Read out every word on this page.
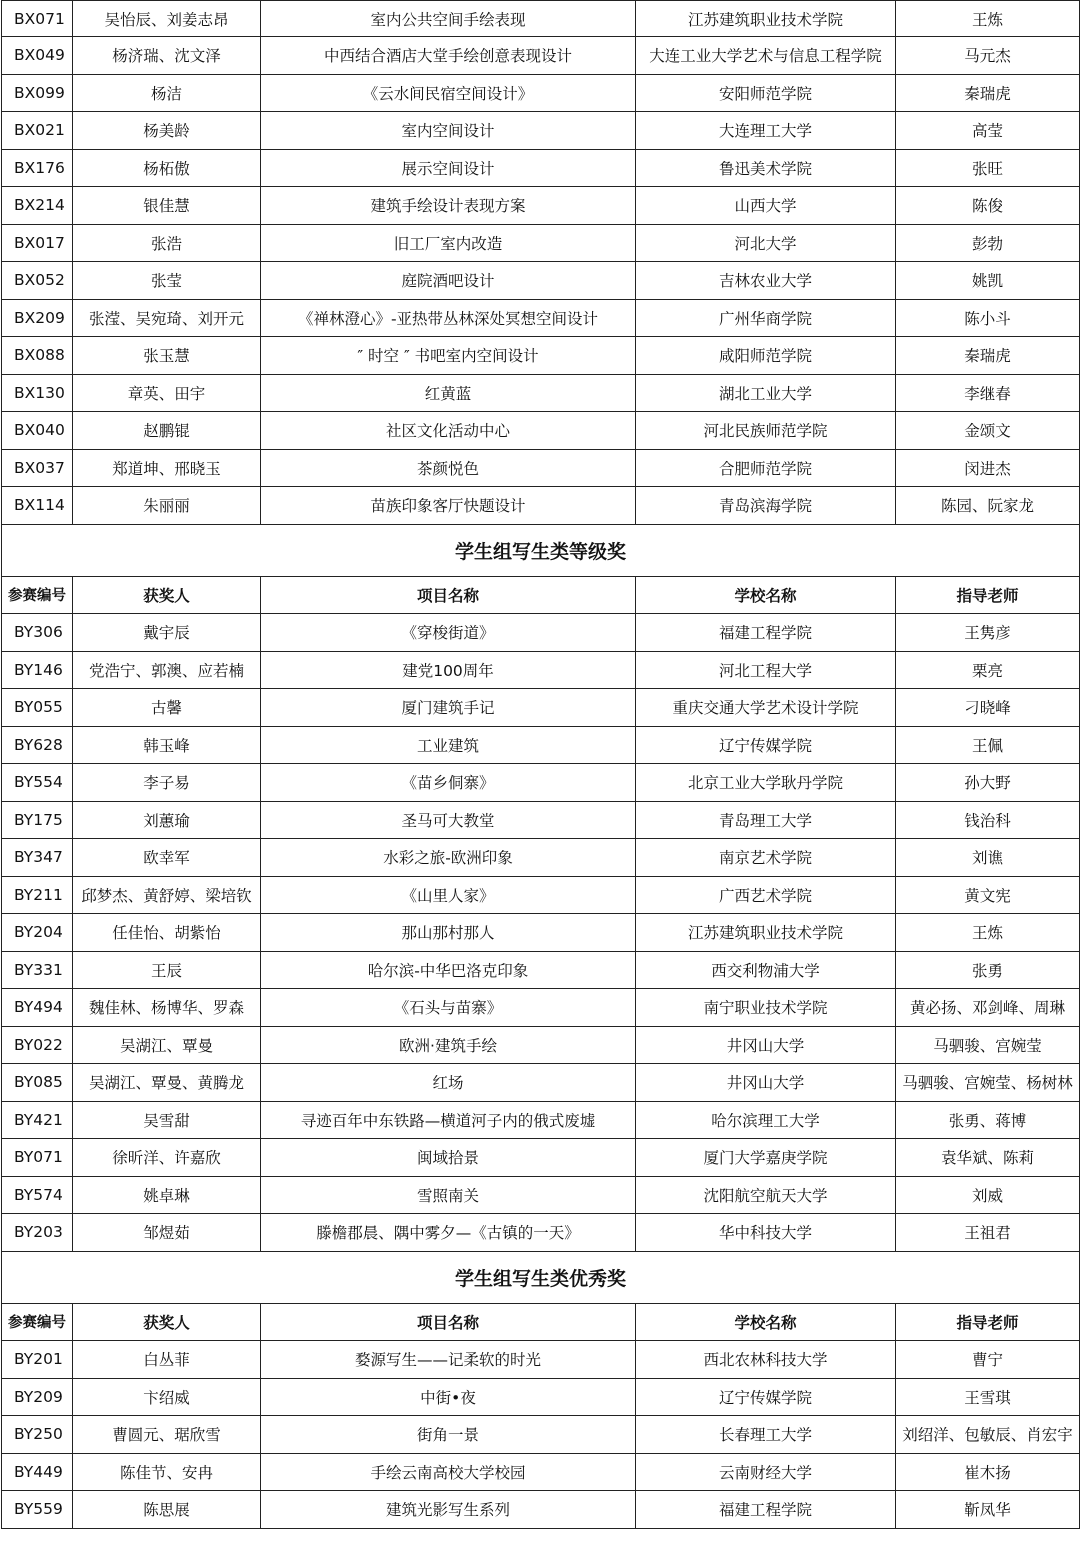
BX071	吴怡辰、刘姜志昂	室内公共空间手绘表现	江苏建筑职业技术学院	王炼
BX049	杨济瑞、沈文泽	中西结合酒店大堂手绘创意表现设计	大连工业大学艺术与信息工程学院	马元杰
BX099	杨洁	《云水间民宿空间设计》	安阳师范学院	秦瑞虎
BX021	杨美龄	室内空间设计	大连理工大学	高莹
BX176	杨柘傲	展示空间设计	鲁迅美术学院	张旺
BX214	银佳慧	建筑手绘设计表现方案	山西大学	陈俊
BX017	张浩	旧工厂室内改造	河北大学	彭勃
BX052	张莹	庭院酒吧设计	吉林农业大学	姚凯
BX209	张滢、吴宛琦、刘开元	《禅林澄心》-亚热带丛林深处冥想空间设计	广州华商学院	陈小斗
BX088	张玉慧	″ 时空 ″ 书吧室内空间设计	咸阳师范学院	秦瑞虎
BX130	章英、田宇	红黄蓝	湖北工业大学	李继春
BX040	赵鹏锟	社区文化活动中心	河北民族师范学院	金颂文
BX037	郑道坤、邢晓玉	茶颜悦色	合肥师范学院	闵进杰
BX114	朱丽丽	苗族印象客厅快题设计	青岛滨海学院	陈园、阮家龙
学生组写生类等级奖				
参赛编号	获奖人	项目名称	学校名称	指导老师
BY306	戴宇辰	《穿梭街道》	福建工程学院	王隽彦
BY146	党浩宁、郭澳、应若楠	建党100周年	河北工程大学	栗亮
BY055	古馨	厦门建筑手记	重庆交通大学艺术设计学院	刁晓峰
BY628	韩玉峰	工业建筑	辽宁传媒学院	王佩
BY554	李子易	《苗乡侗寨》	北京工业大学耿丹学院	孙大野
BY175	刘蕙瑜	圣马可大教堂	青岛理工大学	钱治科
BY347	欧幸军	水彩之旅-欧洲印象	南京艺术学院	刘谯
BY211	邱梦杰、黄舒婷、梁培钦	《山里人家》	广西艺术学院	黄文宪
BY204	任佳怡、胡紫怡	那山那村那人	江苏建筑职业技术学院	王炼
BY331	王辰	哈尔滨-中华巴洛克印象	西交利物浦大学	张勇
BY494	魏佳林、杨博华、罗森	《石头与苗寨》	南宁职业技术学院	黄必扬、邓剑峰、周琳
BY022	吴湖江、覃曼	欧洲·建筑手绘	井冈山大学	马驷骏、宫婉莹
BY085	吴湖江、覃曼、黄腾龙	红场	井冈山大学	马驷骏、宫婉莹、杨树林
BY421	吴雪甜	寻迹百年中东铁路—横道河子内的俄式废墟	哈尔滨理工大学	张勇、蒋博
BY071	徐昕洋、许嘉欣	闽域拾景	厦门大学嘉庚学院	袁华斌、陈莉
BY574	姚卓琳	雪照南关	沈阳航空航天大学	刘威
BY203	邹煜茹	滕檐郡晨、隅中雾夕—《古镇的一天》	华中科技大学	王祖君
学生组写生类优秀奖				
参赛编号	获奖人	项目名称	学校名称	指导老师
BY201	白丛菲	婺源写生——记柔软的时光	西北农林科技大学	曹宁
BY209	卞绍威	中街•夜	辽宁传媒学院	王雪琪
BY250	曹圆元、琚欣雪	街角一景	长春理工大学	刘绍洋、包敏辰、肖宏宇
BY449	陈佳节、安冉	手绘云南高校大学校园	云南财经大学	崔木扬
BY559	陈思展	建筑光影写生系列	福建工程学院	靳凤华
